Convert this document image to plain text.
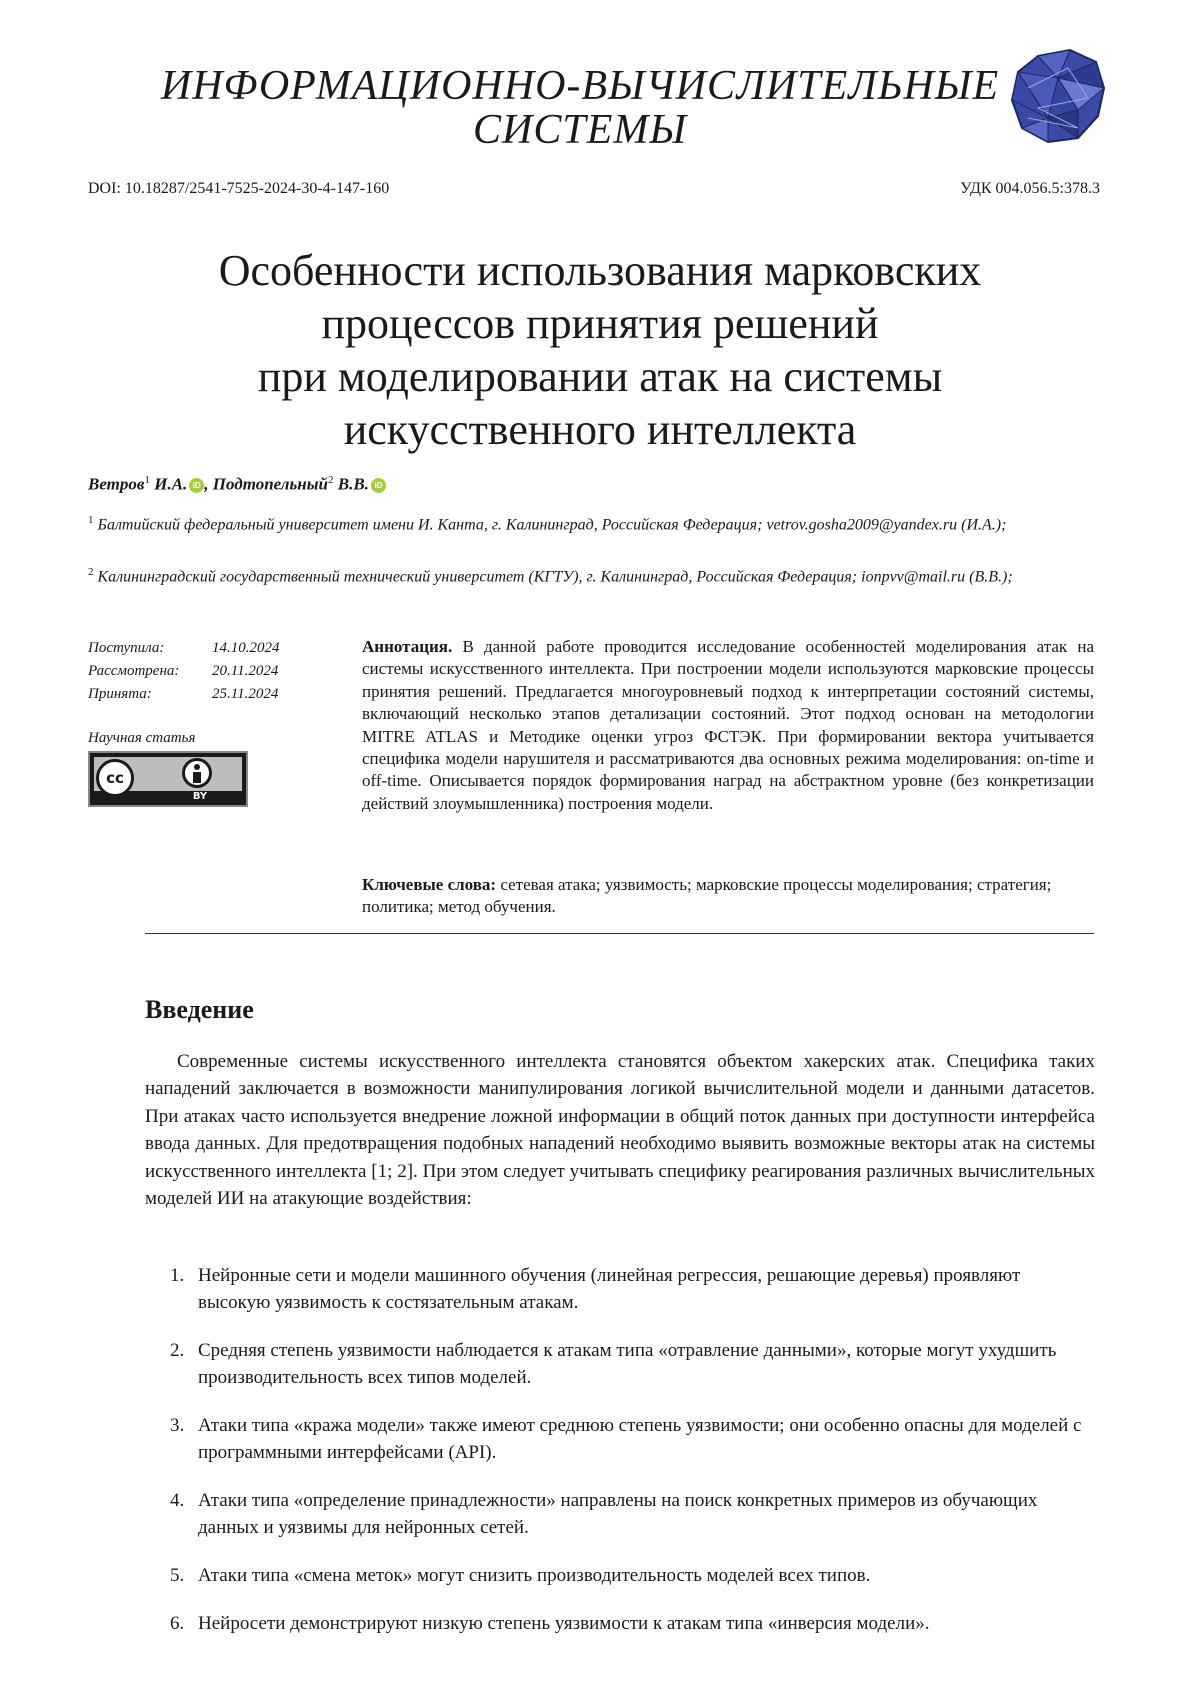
ИНФОРМАЦИОННО-ВЫЧИСЛИТЕЛЬНЫЕ
СИСТЕМЫ
DOI: 10.18287/2541-7525-2024-30-4-147-160	УДК 004.056.5:378.3
Особенности использования марковских
процессов принятия решений
при моделировании атак на системы
искусственного интеллекта
Ветров$^1$ И.А. iD , Подтопельный$^2$ В.В. iD
$^1$ Балтийский федеральный университет имени И. Канта, г. Калининград, Российская Федерация; vetrov.gosha2009@yandex.ru (И.А.);
$^2$ Калининградский государственный технический университет (КГТУ), г. Калининград, Российская Федерация; ionpvv@mail.ru (В.В.);
Поступила:	14.10.2024
Рассмотрена:	20.11.2024
Принята:	25.11.2024
Научная статья
cc
BY
Аннотация. В данной работе проводится исследование особенностей моделирования атак на системы искусственного интеллекта. При построении модели используются марковские процессы принятия решений. Предлагается многоуровневый подход к интерпретации состояний системы, включающий несколько этапов детализации состояний. Этот подход основан на методологии MITRE ATLAS и Методике оценки угроз ФСТЭК. При формировании вектора учитывается специфика модели нарушителя и рассматриваются два основных режима моделирования: on-time и off-time. Описывается порядок формирования наград на абстрактном уровне (без конкретизации действий злоумышленника) построения модели.
Ключевые слова: сетевая атака; уязвимость; марковские процессы моделирования; стратегия; политика; метод обучения.
Введение

Современные системы искусственного интеллекта становятся объектом хакерских атак. Специфика таких нападений заключается в возможности манипулирования логикой вычислительной модели и данными датасетов. При атаках часто используется внедрение ложной информации в общий поток данных при доступности интерфейса ввода данных. Для предотвращения подобных нападений необходимо выявить возможные векторы атак на системы искусственного интеллекта [1; 2]. При этом следует учитывать специфику реагирования различных вычислительных моделей ИИ на атакующие воздействия:

1. Нейронные сети и модели машинного обучения (линейная регрессия, решающие деревья) проявляют высокую уязвимость к состязательным атакам.
2. Средняя степень уязвимости наблюдается к атакам типа «отравление данными», которые могут ухудшить производительность всех типов моделей.
3. Атаки типа «кража модели» также имеют среднюю степень уязвимости; они особенно опасны для моделей с программными интерфейсами (API).
4. Атаки типа «определение принадлежности» направлены на поиск конкретных примеров из обучающих данных и уязвимы для нейронных сетей.
5. Атаки типа «смена меток» могут снизить производительность моделей всех типов.
6. Нейросети демонстрируют низкую степень уязвимости к атакам типа «инверсия модели».
